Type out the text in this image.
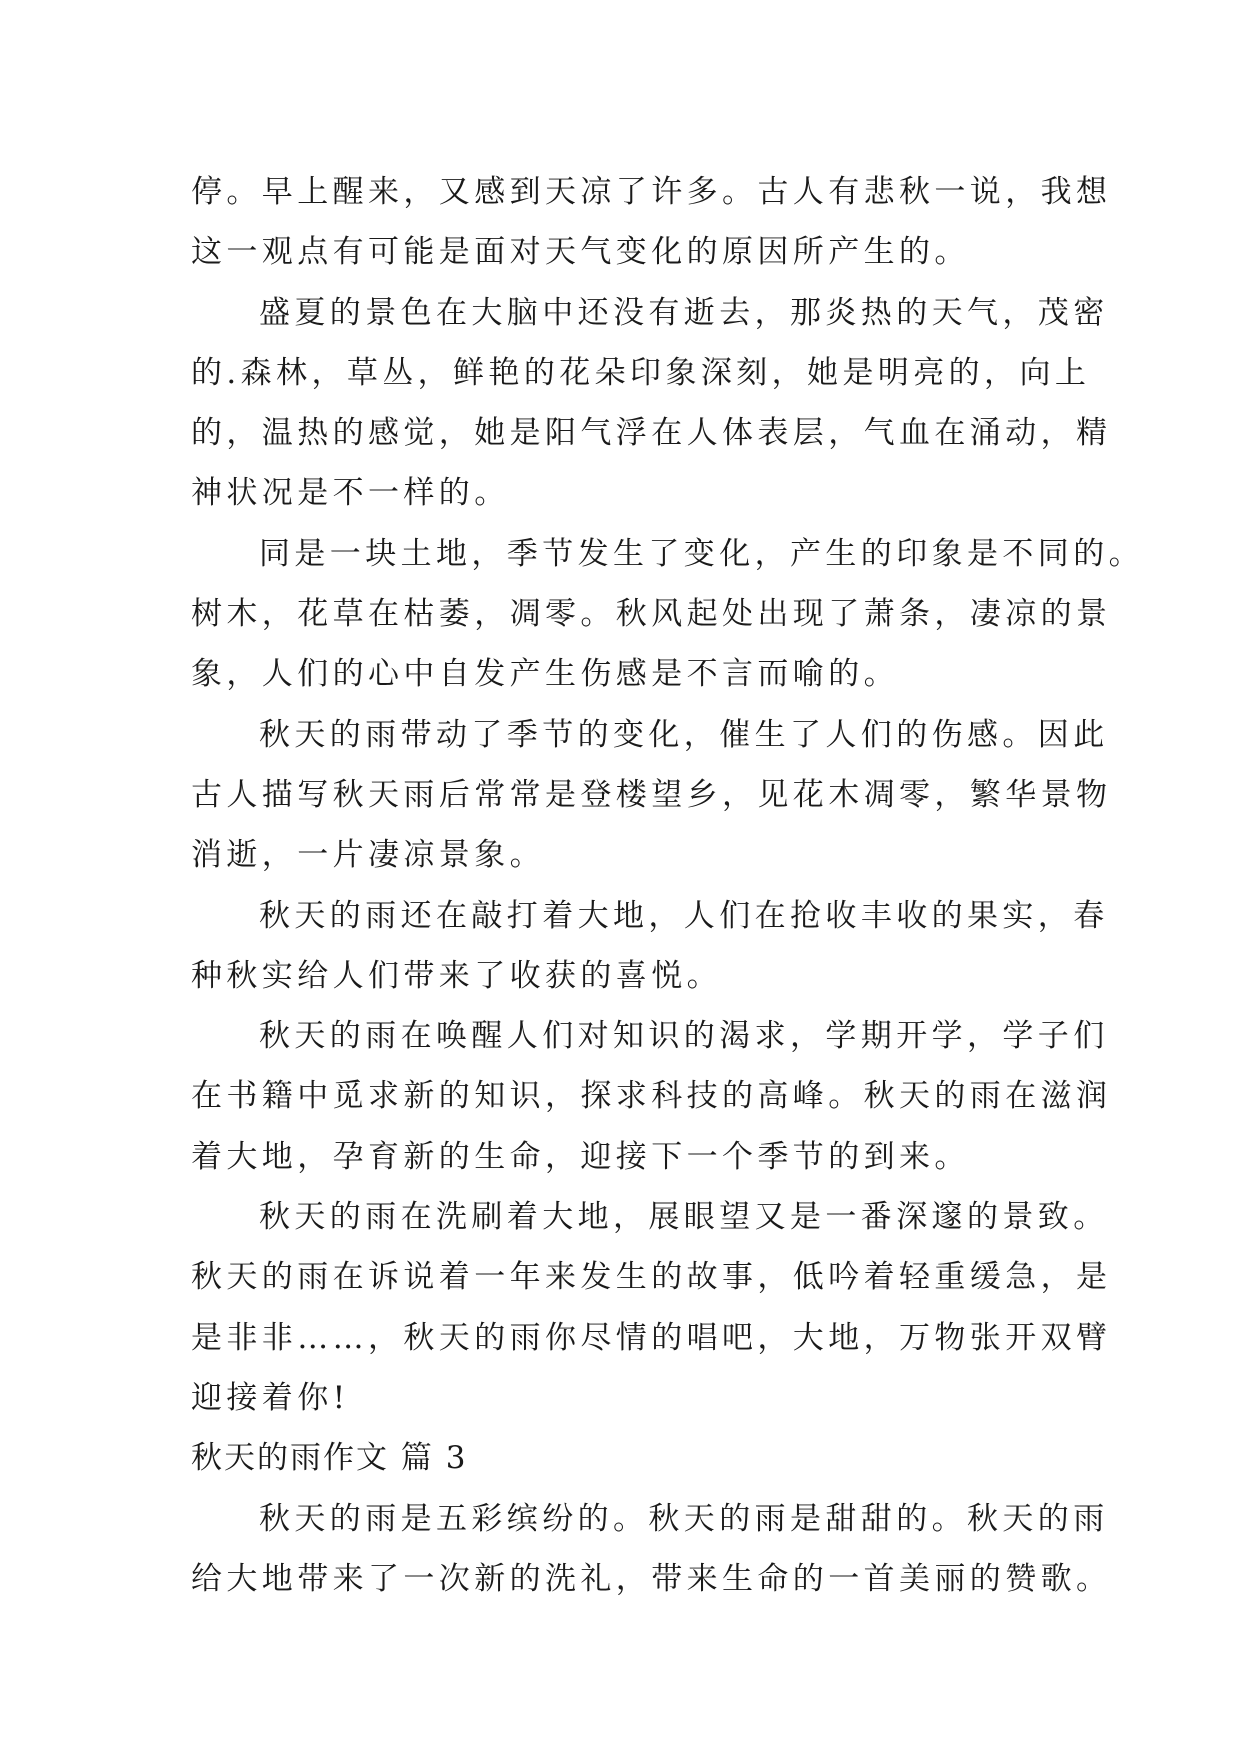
停。早上醒来，又感到天凉了许多。古人有悲秋一说，我想
这一观点有可能是面对天气变化的原因所产生的。
盛夏的景色在大脑中还没有逝去，那炎热的天气，茂密
的.森林，草丛，鲜艳的花朵印象深刻，她是明亮的，向上
的，温热的感觉，她是阳气浮在人体表层，气血在涌动，精
神状况是不一样的。
同是一块土地，季节发生了变化，产生的印象是不同的。
树木，花草在枯萎，凋零。秋风起处出现了萧条，凄凉的景
象，人们的心中自发产生伤感是不言而喻的。
秋天的雨带动了季节的变化，催生了人们的伤感。因此
古人描写秋天雨后常常是登楼望乡，见花木凋零，繁华景物
消逝，一片凄凉景象。
秋天的雨还在敲打着大地，人们在抢收丰收的果实，春
种秋实给人们带来了收获的喜悦。
秋天的雨在唤醒人们对知识的渴求，学期开学，学子们
在书籍中觅求新的知识，探求科技的高峰。秋天的雨在滋润
着大地，孕育新的生命，迎接下一个季节的到来。
秋天的雨在洗刷着大地，展眼望又是一番深邃的景致。
秋天的雨在诉说着一年来发生的故事，低吟着轻重缓急，是
是非非……，秋天的雨你尽情的唱吧，大地，万物张开双臂
迎接着你!
秋天的雨作文 篇 3
秋天的雨是五彩缤纷的。秋天的雨是甜甜的。秋天的雨
给大地带来了一次新的洗礼，带来生命的一首美丽的赞歌。
